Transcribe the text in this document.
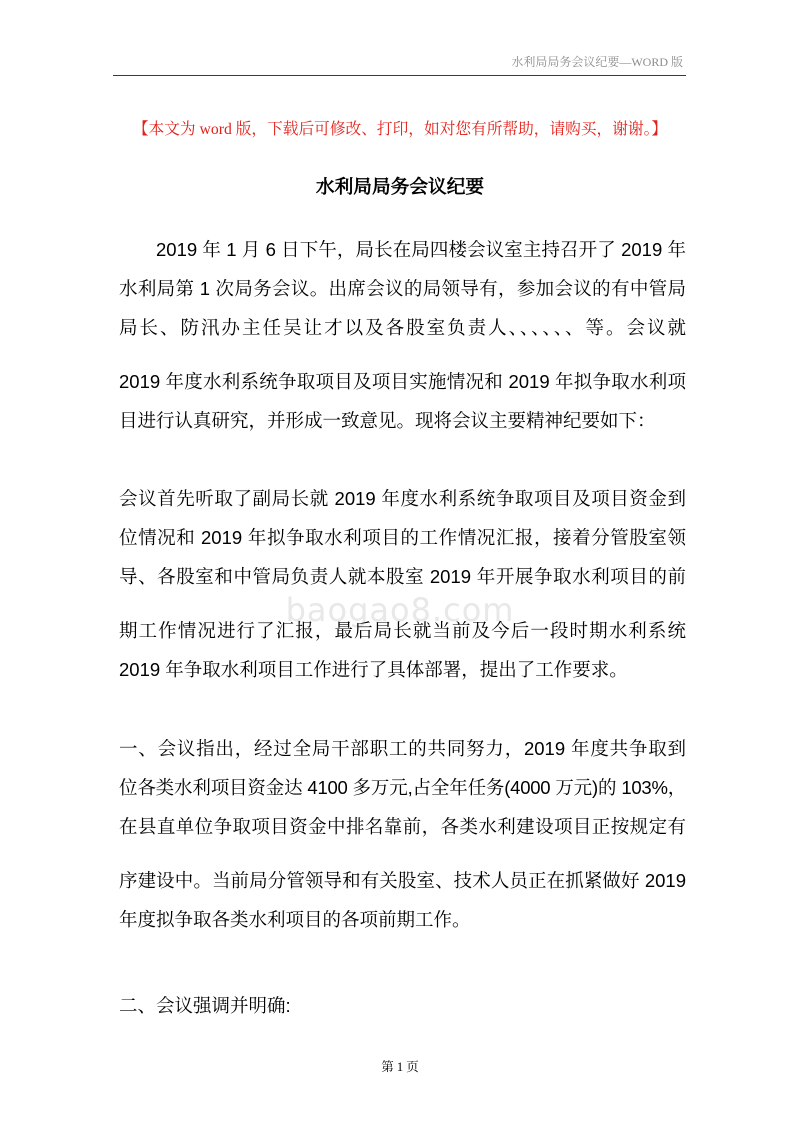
水利局局务会议纪要—WORD 版
【本文为 word 版，下载后可修改、打印，如对您有所帮助，请购买，谢谢。】
水利局局务会议纪要
baogao8.com
2019 年 1 月 6 日下午，局长在局四楼会议室主持召开了 2019 年
水利局第 1 次局务会议。出席会议的局领导有，参加会议的有中管局
局长、防汛办主任吴让才以及各股室负责人、、、、、、等。会议就
2019 年度水利系统争取项目及项目实施情况和 2019 年拟争取水利项
目进行认真研究，并形成一致意见。现将会议主要精神纪要如下：
会议首先听取了副局长就 2019 年度水利系统争取项目及项目资金到
位情况和 2019 年拟争取水利项目的工作情况汇报，接着分管股室领
导、各股室和中管局负责人就本股室 2019 年开展争取水利项目的前
期工作情况进行了汇报，最后局长就当前及今后一段时期水利系统
2019 年争取水利项目工作进行了具体部署，提出了工作要求。
一、会议指出，经过全局干部职工的共同努力，2019 年度共争取到
位各类水利项目资金达 4100 多万元,占全年任务(4000 万元)的 103%，
在县直单位争取项目资金中排名靠前，各类水利建设项目正按规定有
序建设中。当前局分管领导和有关股室、技术人员正在抓紧做好 2019
年度拟争取各类水利项目的各项前期工作。
二、会议强调并明确:
第 1 页
